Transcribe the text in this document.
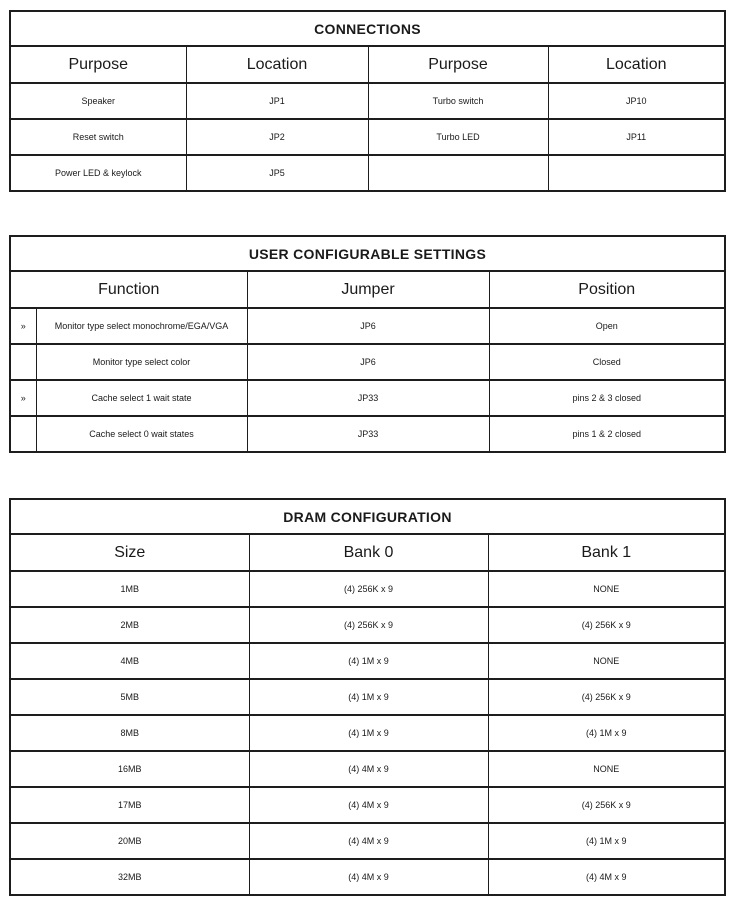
CONNECTIONS			
Purpose	Location	Purpose	Location
Speaker	JP1	Turbo switch	JP10
Reset switch	JP2	Turbo LED	JP11
Power LED & keylock	JP5		
USER CONFIGURABLE SETTINGS			
Function		Jumper	Position
»	Monitor type select monochrome/EGA/VGA	JP6	Open
	Monitor type select color	JP6	Closed
»	Cache select 1 wait state	JP33	pins 2 & 3 closed
	Cache select 0 wait states	JP33	pins 1 & 2 closed
DRAM CONFIGURATION		
Size	Bank 0	Bank 1
1MB	(4) 256K x 9	NONE
2MB	(4) 256K x 9	(4) 256K x 9
4MB	(4) 1M x 9	NONE
5MB	(4) 1M x 9	(4) 256K x 9
8MB	(4) 1M x 9	(4) 1M x 9
16MB	(4) 4M x 9	NONE
17MB	(4) 4M x 9	(4) 256K x 9
20MB	(4) 4M x 9	(4) 1M x 9
32MB	(4) 4M x 9	(4) 4M x 9
